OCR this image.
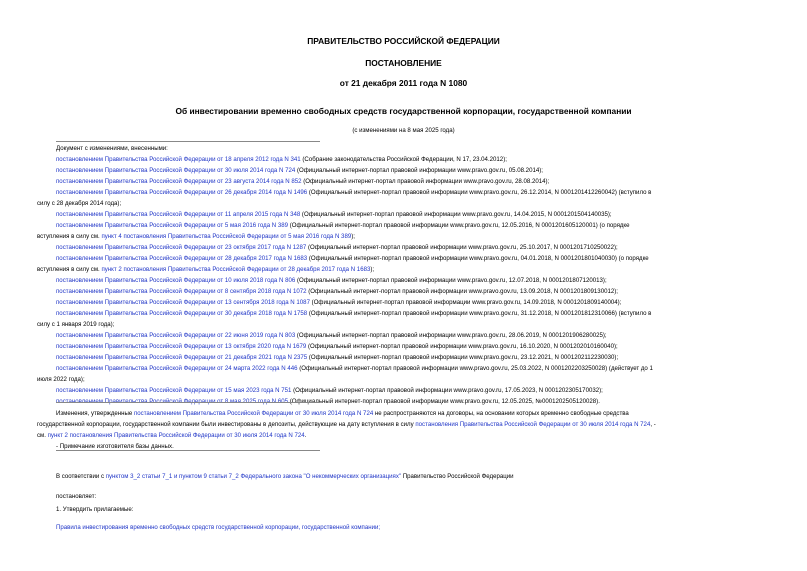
ПРАВИТЕЛЬСТВО РОССИЙСКОЙ ФЕДЕРАЦИИ
ПОСТАНОВЛЕНИЕ
от 21 декабря 2011 года N 1080
Об инвестировании временно свободных средств государственной корпорации, государственной компании
(с изменениями на 8 мая 2025 года)
Документ с изменениями, внесенными:
постановлением Правительства Российской Федерации от 18 апреля 2012 года N 341 (Собрание законодательства Российской Федерации, N 17, 23.04.2012);
постановлением Правительства Российской Федерации от 30 июля 2014 года N 724 (Официальный интернет-портал правовой информации www.pravo.gov.ru, 05.08.2014);
постановлением Правительства Российской Федерации от 23 августа 2014 года N 852 (Официальный интернет-портал правовой информации www.pravo.gov.ru, 28.08.2014);
постановлением Правительства Российской Федерации от 26 декабря 2014 года N 1496 (Официальный интернет-портал правовой информации www.pravo.gov.ru, 26.12.2014, N 0001201412260042) (вступило в
силу с 28 декабря 2014 года);
постановлением Правительства Российской Федерации от 11 апреля 2015 года N 348 (Официальный интернет-портал правовой информации www.pravo.gov.ru, 14.04.2015, N 0001201504140035);
постановлением Правительства Российской Федерации от 5 мая 2016 года N 389 (Официальный интернет-портал правовой информации www.pravo.gov.ru, 12.05.2016, N 0001201605120001) (о порядке
вступления в силу см. пункт 4 постановления Правительства Российской Федерации от 5 мая 2016 года N 389);
постановлением Правительства Российской Федерации от 23 октября 2017 года N 1287 (Официальный интернет-портал правовой информации www.pravo.gov.ru, 25.10.2017, N 0001201710250022);
постановлением Правительства Российской Федерации от 28 декабря 2017 года N 1683 (Официальный интернет-портал правовой информации www.pravo.gov.ru, 04.01.2018, N 0001201801040030) (о порядке
вступления в силу см. пункт 2 постановления Правительства Российской Федерации от 28 декабря 2017 года N 1683);
постановлением Правительства Российской Федерации от 10 июля 2018 года N 806 (Официальный интернет-портал правовой информации www.pravo.gov.ru, 12.07.2018, N 0001201807120013);
постановлением Правительства Российской Федерации от 8 сентября 2018 года N 1072 (Официальный интернет-портал правовой информации www.pravo.gov.ru, 13.09.2018, N 0001201809130012);
постановлением Правительства Российской Федерации от 13 сентября 2018 года N 1087 (Официальный интернет-портал правовой информации www.pravo.gov.ru, 14.09.2018, N 0001201809140004);
постановлением Правительства Российской Федерации от 30 декабря 2018 года N 1758 (Официальный интернет-портал правовой информации www.pravo.gov.ru, 31.12.2018, N 0001201812310066) (вступило в
силу с 1 января 2019 года);
постановлением Правительства Российской Федерации от 22 июня 2019 года N 803 (Официальный интернет-портал правовой информации www.pravo.gov.ru, 28.06.2019, N 0001201906280025);
постановлением Правительства Российской Федерации от 13 октября 2020 года N 1679 (Официальный интернет-портал правовой информации www.pravo.gov.ru, 16.10.2020, N 0001202010160040);
постановлением Правительства Российской Федерации от 21 декабря 2021 года N 2375 (Официальный интернет-портал правовой информации www.pravo.gov.ru, 23.12.2021, N 0001202112230030);
постановлением Правительства Российской Федерации от 24 марта 2022 года N 446 (Официальный интернет-портал правовой информации www.pravo.gov.ru, 25.03.2022, N 0001202203250028) (действует до 1
июля 2022 года);
постановлением Правительства Российской Федерации от 15 мая 2023 года N 751 (Официальный интернет-портал правовой информации www.pravo.gov.ru, 17.05.2023, N 0001202305170032);
постановлением Правительства Российской Федерации от 8 мая 2025 года N 605 (Официальный интернет-портал правовой информации www.pravo.gov.ru, 12.05.2025, №0001202505120028).
Изменения, утвержденные постановлением Правительства Российской Федерации от 30 июля 2014 года N 724 не распространяются на договоры, на основании которых временно свободные средства
государственной корпорации, государственной компании были инвестированы в депозиты, действующие на дату вступления в силу постановления Правительства Российской Федерации от 30 июля 2014 года N 724, -
см. пункт 2 постановления Правительства Российской Федерации от 30 июля 2014 года N 724.
- Примечание изготовителя базы данных.
В соответствии с пунктом 3_2 статьи 7_1 и пунктом 9 статьи 7_2 Федерального закона "О некоммерческих организациях" Правительство Российской Федерации
постановляет:
1. Утвердить прилагаемые:
Правила инвестирования временно свободных средств государственной корпорации, государственной компании;
